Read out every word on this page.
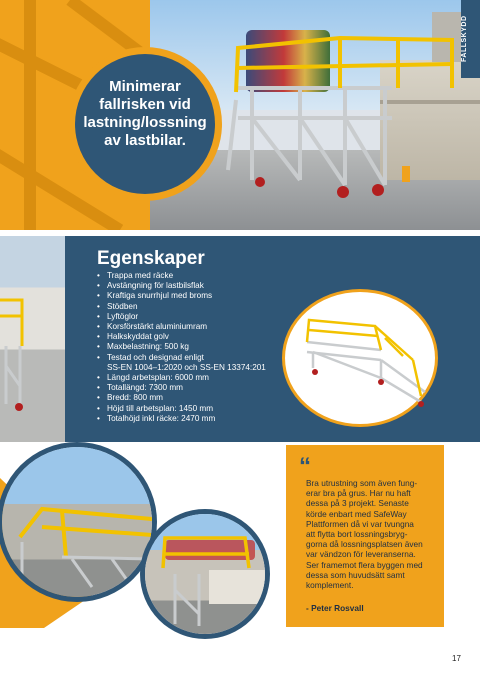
Minimerar
fallrisken vid
lastning/lossning
av lastbilar.
FALLSKYDD
Egenskaper
• Trappa med räcke
• Avstängning för lastbilsflak
• Kraftiga snurrhjul med broms
• Stödben
• Lyftöglor
• Korsförstärkt aluminiumram
• Halkskyddat golv
• Maxbelastning: 500 kg
• Testad och designad enligt
SS-EN 1004–1:2020 och SS-EN 13374:201
• Längd arbetsplan: 6000 mm
• Totallängd: 7300 mm
• Bredd: 800 mm
• Höjd till arbetsplan: 1450 mm
• Totalhöjd inkl räcke: 2470 mm
“
Bra utrustning som även fung-
erar bra på grus. Har nu haft
dessa på 3 projekt. Senaste
körde enbart med SafeWay
Plattformen då vi var tvungna
att flytta bort lossningsbryg-
gorna då lossningsplatsen även
var vändzon för leveranserna.
Ser framemot flera byggen med
dessa som huvudsätt samt
komplement.
- Peter Rosvall
17
